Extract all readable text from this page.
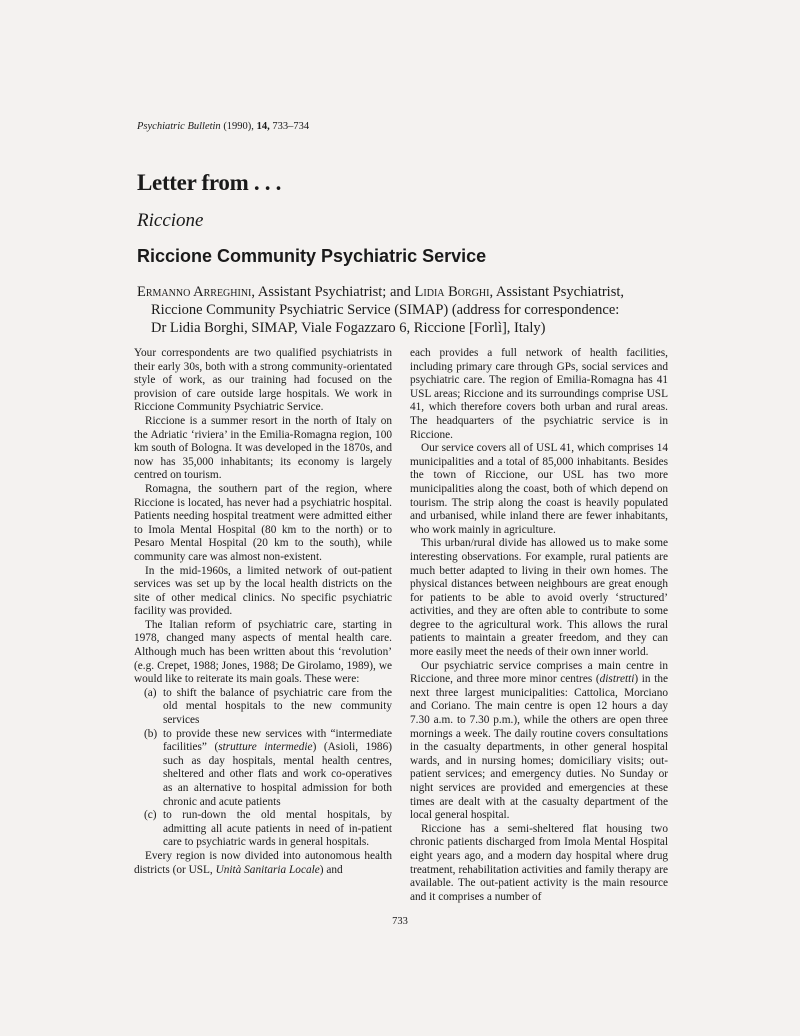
Psychiatric Bulletin (1990), 14, 733–734
Letter from . . .
Riccione
Riccione Community Psychiatric Service
Ermanno Arreghini, Assistant Psychiatrist; and Lidia Borghi, Assistant Psychiatrist,
Riccione Community Psychiatric Service (SIMAP) (address for correspondence:
Dr Lidia Borghi, SIMAP, Viale Fogazzaro 6, Riccione [Forlì], Italy)

Your correspondents are two qualified psychiatrists in their early 30s, both with a strong community-orientated style of work, as our training had focused on the provision of care outside large hospitals. We work in Riccione Community Psychiatric Service.

Riccione is a summer resort in the north of Italy on the Adriatic ‘riviera’ in the Emilia-Romagna region, 100 km south of Bologna. It was developed in the 1870s, and now has 35,000 inhabitants; its economy is largely centred on tourism.

Romagna, the southern part of the region, where Riccione is located, has never had a psychiatric hospital. Patients needing hospital treatment were admitted either to Imola Mental Hospital (80 km to the north) or to Pesaro Mental Hospital (20 km to the south), while community care was almost non-existent.

In the mid-1960s, a limited network of out-patient services was set up by the local health districts on the site of other medical clinics. No specific psychiatric facility was provided.

The Italian reform of psychiatric care, starting in 1978, changed many aspects of mental health care. Although much has been written about this ‘revolution’ (e.g. Crepet, 1988; Jones, 1988; De Girolamo, 1989), we would like to reiterate its main goals. These were:

(a) to shift the balance of psychiatric care from the old mental hospitals to the new community services
(b) to provide these new services with “intermediate facilities” (strutture intermedie) (Asioli, 1986) such as day hospitals, mental health centres, sheltered and other flats and work co-operatives as an alternative to hospital admission for both chronic and acute patients
(c) to run-down the old mental hospitals, by admitting all acute patients in need of in-patient care to psychiatric wards in general hospitals.

Every region is now divided into autonomous health districts (or USL, Unità Sanitaria Locale) and

each provides a full network of health facilities, including primary care through GPs, social services and psychiatric care. The region of Emilia-Romagna has 41 USL areas; Riccione and its surroundings comprise USL 41, which therefore covers both urban and rural areas. The headquarters of the psychiatric service is in Riccione.

Our service covers all of USL 41, which comprises 14 municipalities and a total of 85,000 inhabitants. Besides the town of Riccione, our USL has two more municipalities along the coast, both of which depend on tourism. The strip along the coast is heavily populated and urbanised, while inland there are fewer inhabitants, who work mainly in agriculture.

This urban/rural divide has allowed us to make some interesting observations. For example, rural patients are much better adapted to living in their own homes. The physical distances between neighbours are great enough for patients to be able to avoid overly ‘structured’ activities, and they are often able to contribute to some degree to the agricultural work. This allows the rural patients to maintain a greater freedom, and they can more easily meet the needs of their own inner world.

Our psychiatric service comprises a main centre in Riccione, and three more minor centres (distretti) in the next three largest municipalities: Cattolica, Morciano and Coriano. The main centre is open 12 hours a day 7.30 a.m. to 7.30 p.m.), while the others are open three mornings a week. The daily routine covers consultations in the casualty departments, in other general hospital wards, and in nursing homes; domiciliary visits; out-patient services; and emergency duties. No Sunday or night services are provided and emergencies at these times are dealt with at the casualty department of the local general hospital.

Riccione has a semi-sheltered flat housing two chronic patients discharged from Imola Mental Hospital eight years ago, and a modern day hospital where drug treatment, rehabilitation activities and family therapy are available. The out-patient activity is the main resource and it comprises a number of

733
